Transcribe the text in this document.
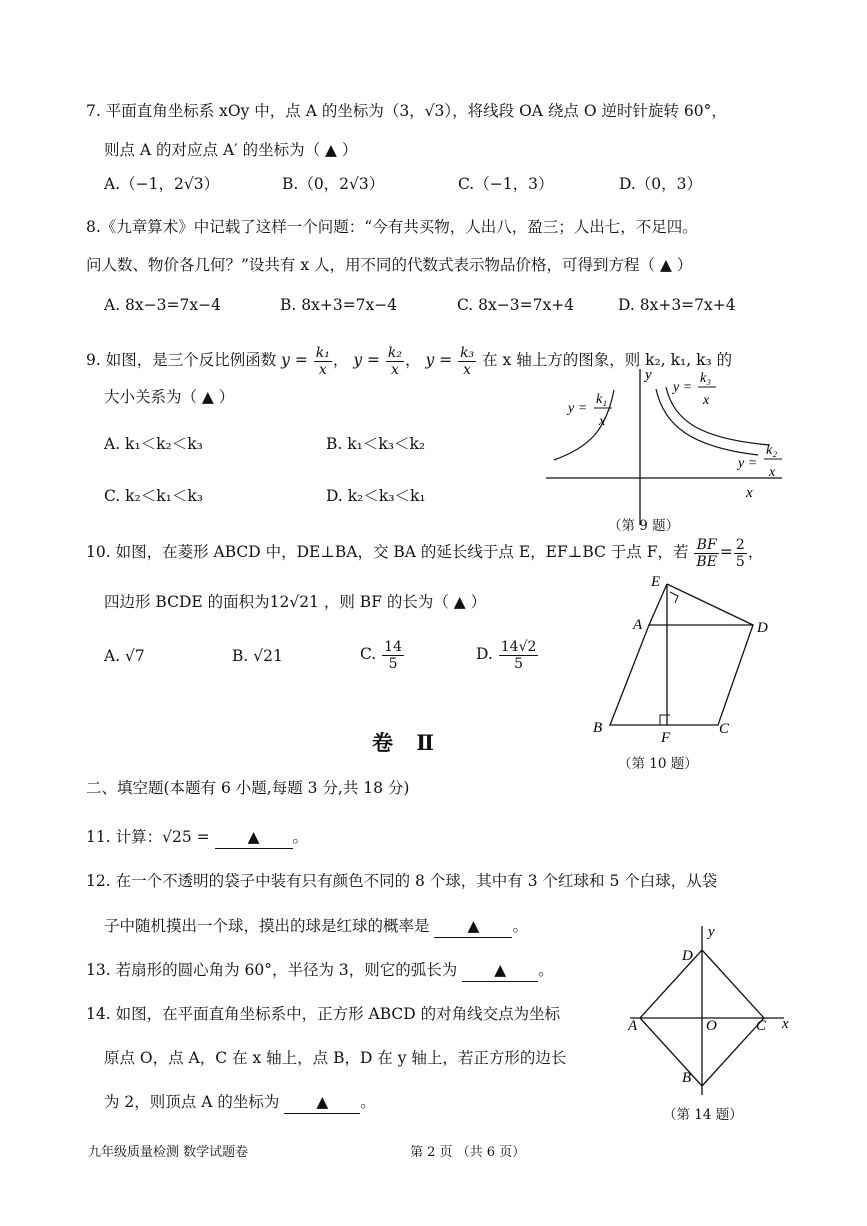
7. 平面直角坐标系 xOy 中，点 A 的坐标为（3，√3），将线段 OA 绕点 O 逆时针旋转 60°，
则点 A 的对应点 A′ 的坐标为（ ▲ ）
A.（−1，2√3）	B.（0，2√3）	C.（−1，3）	D.（0，3）
8.《九章算术》中记载了这样一个问题：“今有共买物，人出八，盈三；人出七，不足四。
问人数、物价各几何？”设共有 x 人，用不同的代数式表示物品价格，可得到方程（ ▲ ）
A. 8x−3=7x−4	B. 8x+3=7x−4	C. 8x−3=7x+4	D. 8x+3=7x+4
9. 如图，是三个反比例函数 $y = \frac{\text{k₁}}{x}$ ， $y = \frac{\text{k₂}}{x}$ ， $y = \frac{\text{k₃}}{x}$ 在 x 轴上方的图象，则 k₂, k₁, k₃ 的
大小关系为（ ▲ ）
A. k₁＜k₂＜k₃	B. k₁＜k₃＜k₂
C. k₂＜k₁＜k₃	D. k₂＜k₃＜k₁
y
x
y =
k₁
x
y =
k₃
x
y =
k₂
x
（第 9 题）
10. 如图，在菱形 ABCD 中，DE⊥BA，交 BA 的延长线于点 E，EF⊥BC 于点 F，若 $\frac{BF}{BE} = \frac{2}{5}$ ，
四边形 BCDE 的面积为12√21 ，则 BF 的长为（ ▲ ）
A. √7	B. √21	C. $\frac{14}{5}$	D. $\frac{14√2}{5}$
E
A	D
B
F
C
（第 10 题）
卷 Ⅱ
二、填空题(本题有 6 小题,每题 3 分,共 18 分)
11. 计算：√25 = ▲ 。
12. 在一个不透明的袋子中装有只有颜色不同的 8 个球，其中有 3 个红球和 5 个白球，从袋
子中随机摸出一个球，摸出的球是红球的概率是 ▲ 。
13. 若扇形的圆心角为 60°，半径为 3，则它的弧长为 ▲ 。
14. 如图，在平面直角坐标系中，正方形 ABCD 的对角线交点为坐标
原点 O，点 A，C 在 x 轴上，点 B，D 在 y 轴上，若正方形的边长
为 2，则顶点 A 的坐标为 ▲ 。
D
y
A	O	C x
B
（第 14 题）
九年级质量检测 数学试题卷	第 2 页 （共 6 页）
